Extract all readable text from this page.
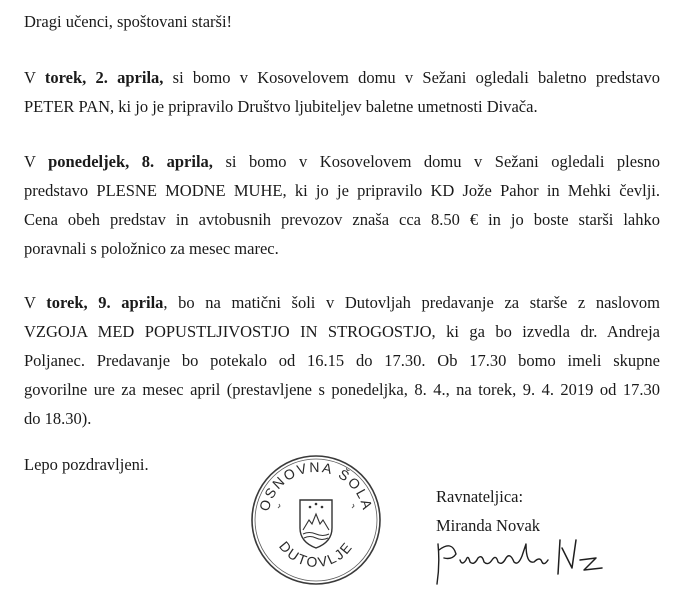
Dragi učenci, spoštovani starši!
V torek, 2. aprila, si bomo v Kosovelovem domu v Sežani ogledali baletno predstavo
PETER PAN, ki jo je pripravilo Društvo ljubiteljev baletne umetnosti Divača.
V ponedeljek, 8. aprila, si bomo v Kosovelovem domu v Sežani ogledali plesno
predstavo PLESNE MODNE MUHE, ki jo je pripravilo KD Jože Pahor in Mehki čevlji.
Cena obeh predstav in avtobusnih prevozov znaša cca 8.50 € in jo boste starši lahko
poravnali s položnico za mesec marec.
V torek, 9. aprila, bo na matični šoli v Dutovljah predavanje za starše z naslovom
VZGOJA MED POPUSTLJIVOSTJO IN STROGOSTJO, ki ga bo izvedla dr. Andreja
Poljanec. Predavanje bo potekalo od 16.15 do 17.30. Ob 17.30 bomo imeli skupne
govorilne ure za mesec april (prestavljene s ponedeljka, 8. 4., na torek, 9. 4. 2019 od 17.30
do 18.30).
Lepo pozdravljeni.
OSNOVNA ŠOLA
DUTOVLJE
Ravnateljica:
Miranda Novak
